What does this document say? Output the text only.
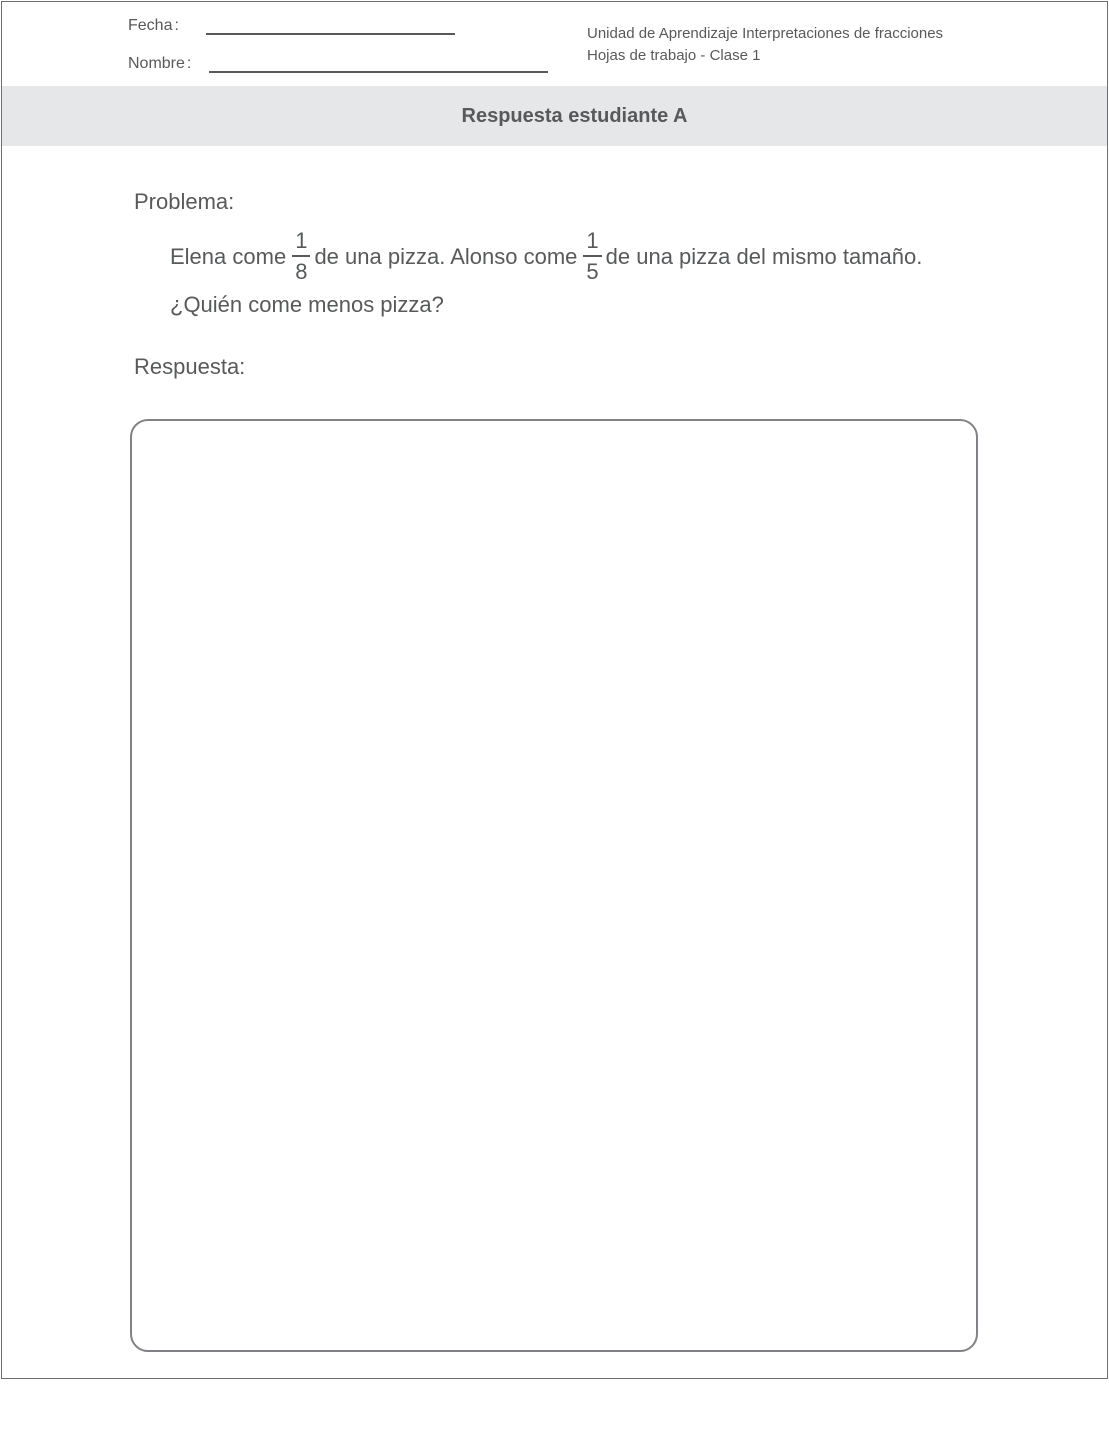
Fecha :
Nombre :
Unidad de Aprendizaje Interpretaciones de fracciones
Hojas de trabajo - Clase 1
Respuesta estudiante A
Problema:
Elena come $\frac{1}{8}$ de una pizza. Alonso come $\frac{1}{5}$ de una pizza del mismo tamaño.
¿Quién come menos pizza?
Respuesta:
